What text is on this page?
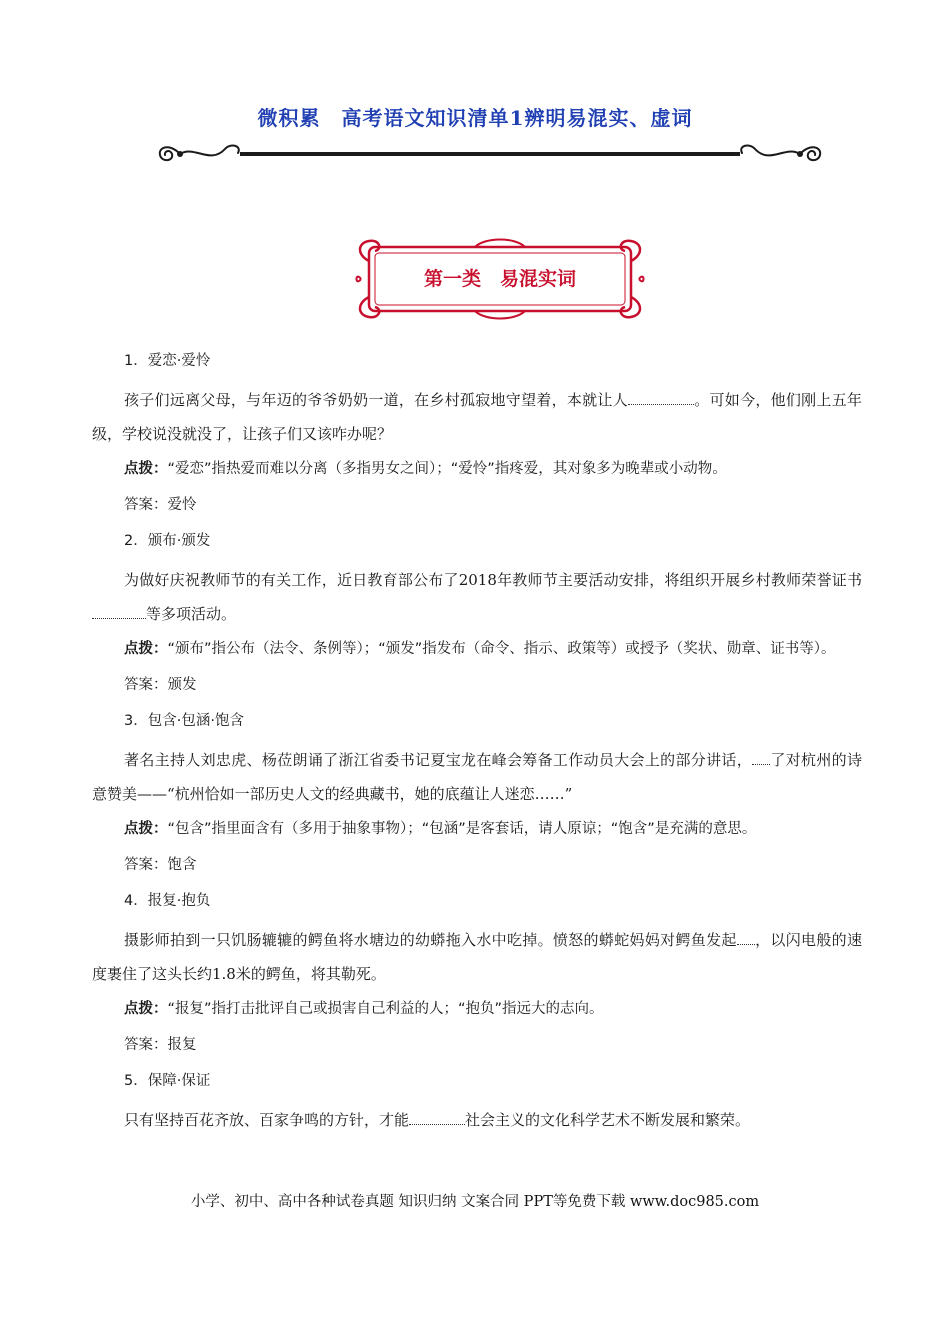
微积累　高考语文知识清单1辨明易混实、虚词
第一类　易混实词
1．爱恋·爱怜
孩子们远离父母，与年迈的爷爷奶奶一道，在乡村孤寂地守望着，本就让人	。可如今，他们刚上五年级，学校说没就没了，让孩子们又该咋办呢？
点拨：“爱恋”指热爱而难以分离（多指男女之间）；“爱怜”指疼爱，其对象多为晚辈或小动物。
答案：爱怜
2．颁布·颁发
为做好庆祝教师节的有关工作，近日教育部公布了2018年教师节主要活动安排，将组织开展乡村教师荣誉证书等多项活动。
点拨：“颁布”指公布（法令、条例等）；“颁发”指发布（命令、指示、政策等）或授予（奖状、勋章、证书等）。
答案：颁发
3．包含·包涵·饱含
著名主持人刘忠虎、杨莅朗诵了浙江省委书记夏宝龙在峰会筹备工作动员大会上的部分讲话， 了对杭州的诗意赞美——“杭州恰如一部历史人文的经典藏书，她的底蕴让人迷恋……”
点拨：“包含”指里面含有（多用于抽象事物）；“包涵”是客套话，请人原谅；“饱含”是充满的意思。
答案：饱含
4．报复·抱负
摄影师拍到一只饥肠辘辘的鳄鱼将水塘边的幼蟒拖入水中吃掉。愤怒的蟒蛇妈妈对鳄鱼发起 ，以闪电般的速度裹住了这头长约1.8米的鳄鱼，将其勒死。
点拨：“报复”指打击批评自己或损害自己利益的人；“抱负”指远大的志向。
答案：报复
5．保障·保证
只有坚持百花齐放、百家争鸣的方针，才能	社会主义的文化科学艺术不断发展和繁荣。
小学、初中、高中各种试卷真题 知识归纳 文案合同 PPT等免费下载 www.doc985.com
